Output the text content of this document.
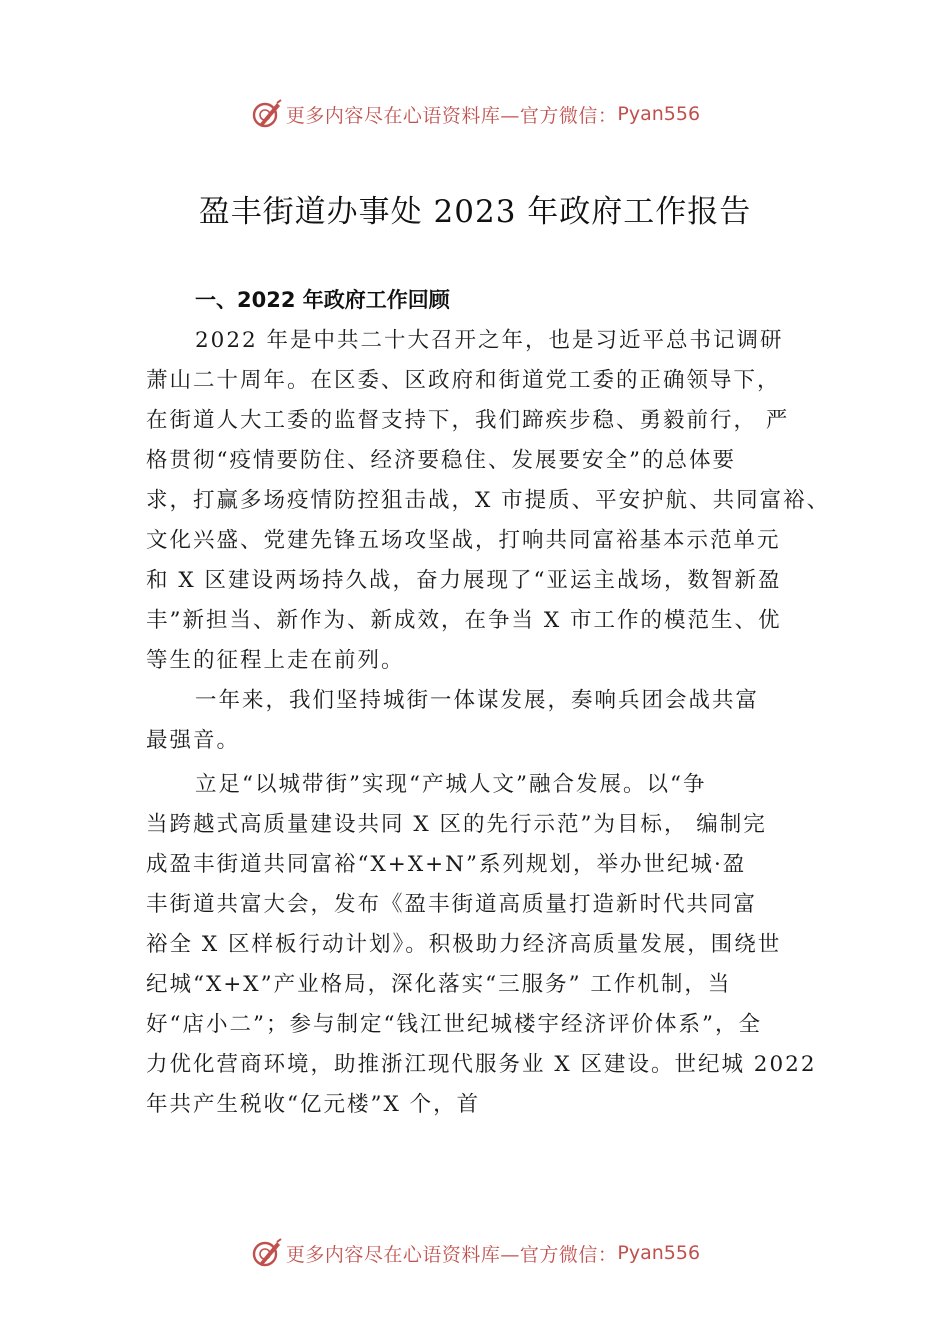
更多内容尽在心语资料库—官方微信： Pyan556
盈丰街道办事处 2023 年政府工作报告
一、2022 年政府工作回顾
2022 年是中共二十大召开之年，也是习近平总书记调研
萧山二十周年。在区委、区政府和街道党工委的正确领导下，
在街道人大工委的监督支持下，我们蹄疾步稳、勇毅前行， 严
格贯彻“疫情要防住、经济要稳住、发展要安全”的总体要
求，打赢多场疫情防控狙击战，X 市提质、平安护航、共同富裕、
文化兴盛、党建先锋五场攻坚战，打响共同富裕基本示范单元
和 X 区建设两场持久战，奋力展现了“亚运主战场，数智新盈
丰”新担当、新作为、新成效，在争当 X 市工作的模范生、优
等生的征程上走在前列。
一年来，我们坚持城街一体谋发展，奏响兵团会战共富
最强音。
立足“以城带街”实现“产城人文”融合发展。以“争
当跨越式高质量建设共同 X 区的先行示范”为目标， 编制完
成盈丰街道共同富裕“X+X+N”系列规划，举办世纪城·盈
丰街道共富大会，发布《盈丰街道高质量打造新时代共同富
裕全 X 区样板行动计划》。积极助力经济高质量发展，围绕世
纪城“X+X”产业格局，深化落实“三服务” 工作机制，当
好“店小二”；参与制定“钱江世纪城楼宇经济评价体系”，全
力优化营商环境，助推浙江现代服务业 X 区建设。世纪城 2022
年共产生税收“亿元楼”X 个，首
更多内容尽在心语资料库—官方微信： Pyan556
